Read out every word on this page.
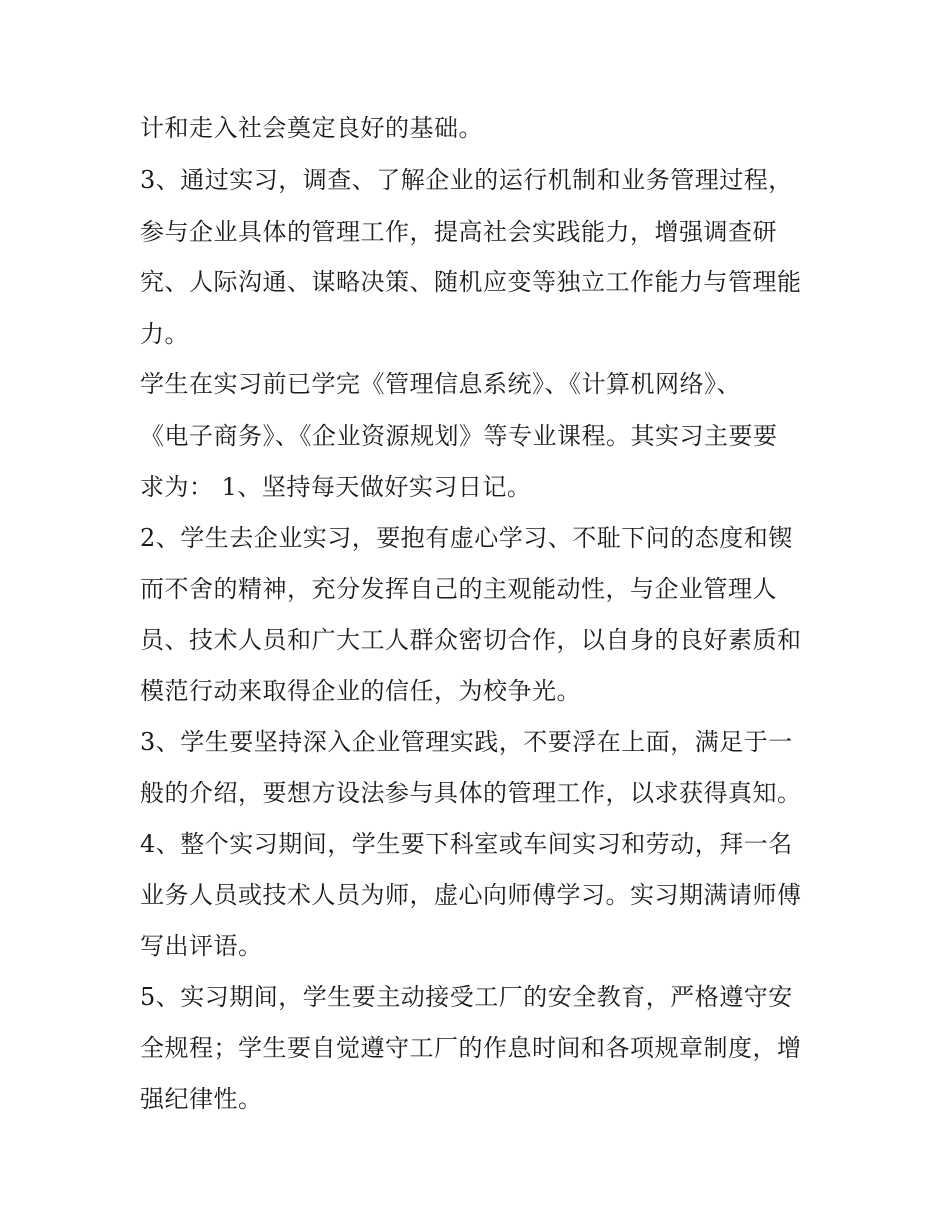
计和走入社会奠定良好的基础。
3、通过实习，调查、了解企业的运行机制和业务管理过程，
参与企业具体的管理工作，提高社会实践能力，增强调查研
究、人际沟通、谋略决策、随机应变等独立工作能力与管理能
力。
学生在实习前已学完《管理信息系统》、《计算机网络》、
《电子商务》、《企业资源规划》等专业课程。其实习主要要
求为： 1、坚持每天做好实习日记。
2、学生去企业实习，要抱有虚心学习、不耻下问的态度和锲
而不舍的精神，充分发挥自己的主观能动性，与企业管理人
员、技术人员和广大工人群众密切合作，以自身的良好素质和
模范行动来取得企业的信任，为校争光。
3、学生要坚持深入企业管理实践，不要浮在上面，满足于一
般的介绍，要想方设法参与具体的管理工作，以求获得真知。
4、整个实习期间，学生要下科室或车间实习和劳动，拜一名
业务人员或技术人员为师，虚心向师傅学习。实习期满请师傅
写出评语。
5、实习期间，学生要主动接受工厂的安全教育，严格遵守安
全规程；学生要自觉遵守工厂的作息时间和各项规章制度，增
强纪律性。
